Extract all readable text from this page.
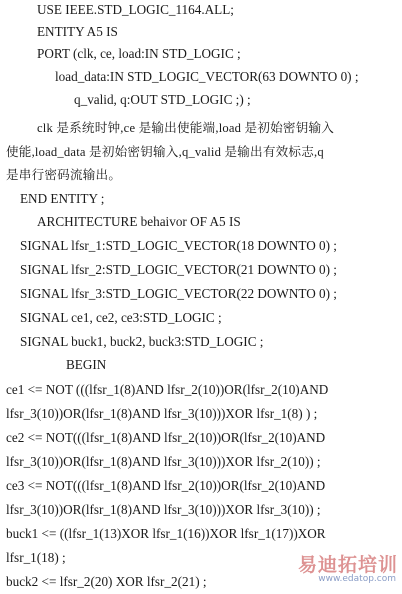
USE IEEE.STD_LOGIC_1164.ALL;
ENTITY A5 IS
PORT (clk, ce, load:IN STD_LOGIC ;
load_data:IN STD_LOGIC_VECTOR(63 DOWNTO 0) ;
q_valid, q:OUT STD_LOGIC ;) ;
clk 是系统时钟,ce 是输出使能端,load 是初始密钥输入
使能,load_data 是初始密钥输入,q_valid 是输出有效标志,q
是串行密码流输出。
END ENTITY ;
ARCHITECTURE behaivor OF A5 IS
SIGNAL lfsr_1:STD_LOGIC_VECTOR(18 DOWNTO 0) ;
SIGNAL lfsr_2:STD_LOGIC_VECTOR(21 DOWNTO 0) ;
SIGNAL lfsr_3:STD_LOGIC_VECTOR(22 DOWNTO 0) ;
SIGNAL ce1, ce2, ce3:STD_LOGIC ;
SIGNAL buck1, buck2, buck3:STD_LOGIC ;
BEGIN
ce1 <= NOT (((lfsr_1(8)AND lfsr_2(10))OR(lfsr_2(10)AND
lfsr_3(10))OR(lfsr_1(8)AND lfsr_3(10)))XOR lfsr_1(8) ) ;
ce2 <= NOT(((lfsr_1(8)AND lfsr_2(10))OR(lfsr_2(10)AND
lfsr_3(10))OR(lfsr_1(8)AND lfsr_3(10)))XOR lfsr_2(10)) ;
ce3 <= NOT(((lfsr_1(8)AND lfsr_2(10))OR(lfsr_2(10)AND
lfsr_3(10))OR(lfsr_1(8)AND lfsr_3(10)))XOR lfsr_3(10)) ;
buck1 <= ((lfsr_1(13)XOR lfsr_1(16))XOR lfsr_1(17))XOR
lfsr_1(18) ;
buck2 <= lfsr_2(20) XOR lfsr_2(21) ;
易迪拓培训
www.edatop.com
